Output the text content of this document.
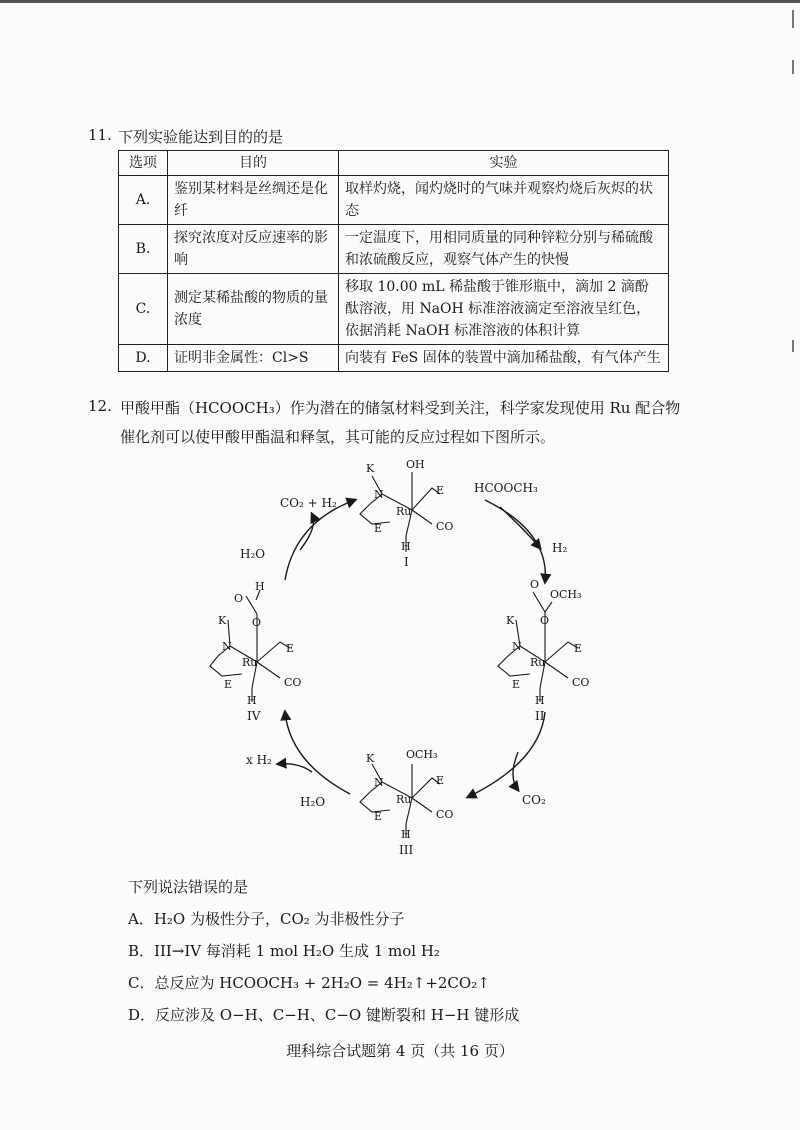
11. 下列实验能达到目的的是
选项	目的	实验
A.	鉴别某材料是丝绸还是化纤	取样灼烧，闻灼烧时的气味并观察灼烧后灰烬的状态
B.	探究浓度对反应速率的影响	一定温度下，用相同质量的同种锌粒分别与稀硫酸和浓硫酸反应，观察气体产生的快慢
C.	测定某稀盐酸的物质的量浓度	移取 10.00 mL 稀盐酸于锥形瓶中，滴加 2 滴酚酞溶液，用 NaOH 标准溶液滴定至溶液呈红色，依据消耗 NaOH 标准溶液的体积计算
D.	证明非金属性：Cl>S	向装有 FeS 固体的装置中滴加稀盐酸，有气体产生
12. 甲酸甲酯（HCOOCH₃）作为潜在的储氢材料受到关注，科学家发现使用 Ru 配合物
催化剂可以使甲酸甲酯温和释氢，其可能的反应过程如下图所示。
HCOOCH₃
H₂
CO₂
x H₂
H₂O
H₂O
CO₂ + H₂
K
N
OH
Ru
E
E	CO
H
I
O
OCH₃
O
K
N
Ru
E
E	CO
H
II
K
N
OCH₃
Ru
E
E	CO
H
III
H
O
O
K
N
Ru
E
E	CO
H
IV
下列说法错误的是
A．H₂O 为极性分子，CO₂ 为非极性分子
B．III→IV 每消耗 1 mol H₂O 生成 1 mol H₂
C．总反应为 HCOOCH₃ + 2H₂O = 4H₂↑+2CO₂↑
D．反应涉及 O−H、C−H、C−O 键断裂和 H−H 键形成
理科综合试题第 4 页（共 16 页）
